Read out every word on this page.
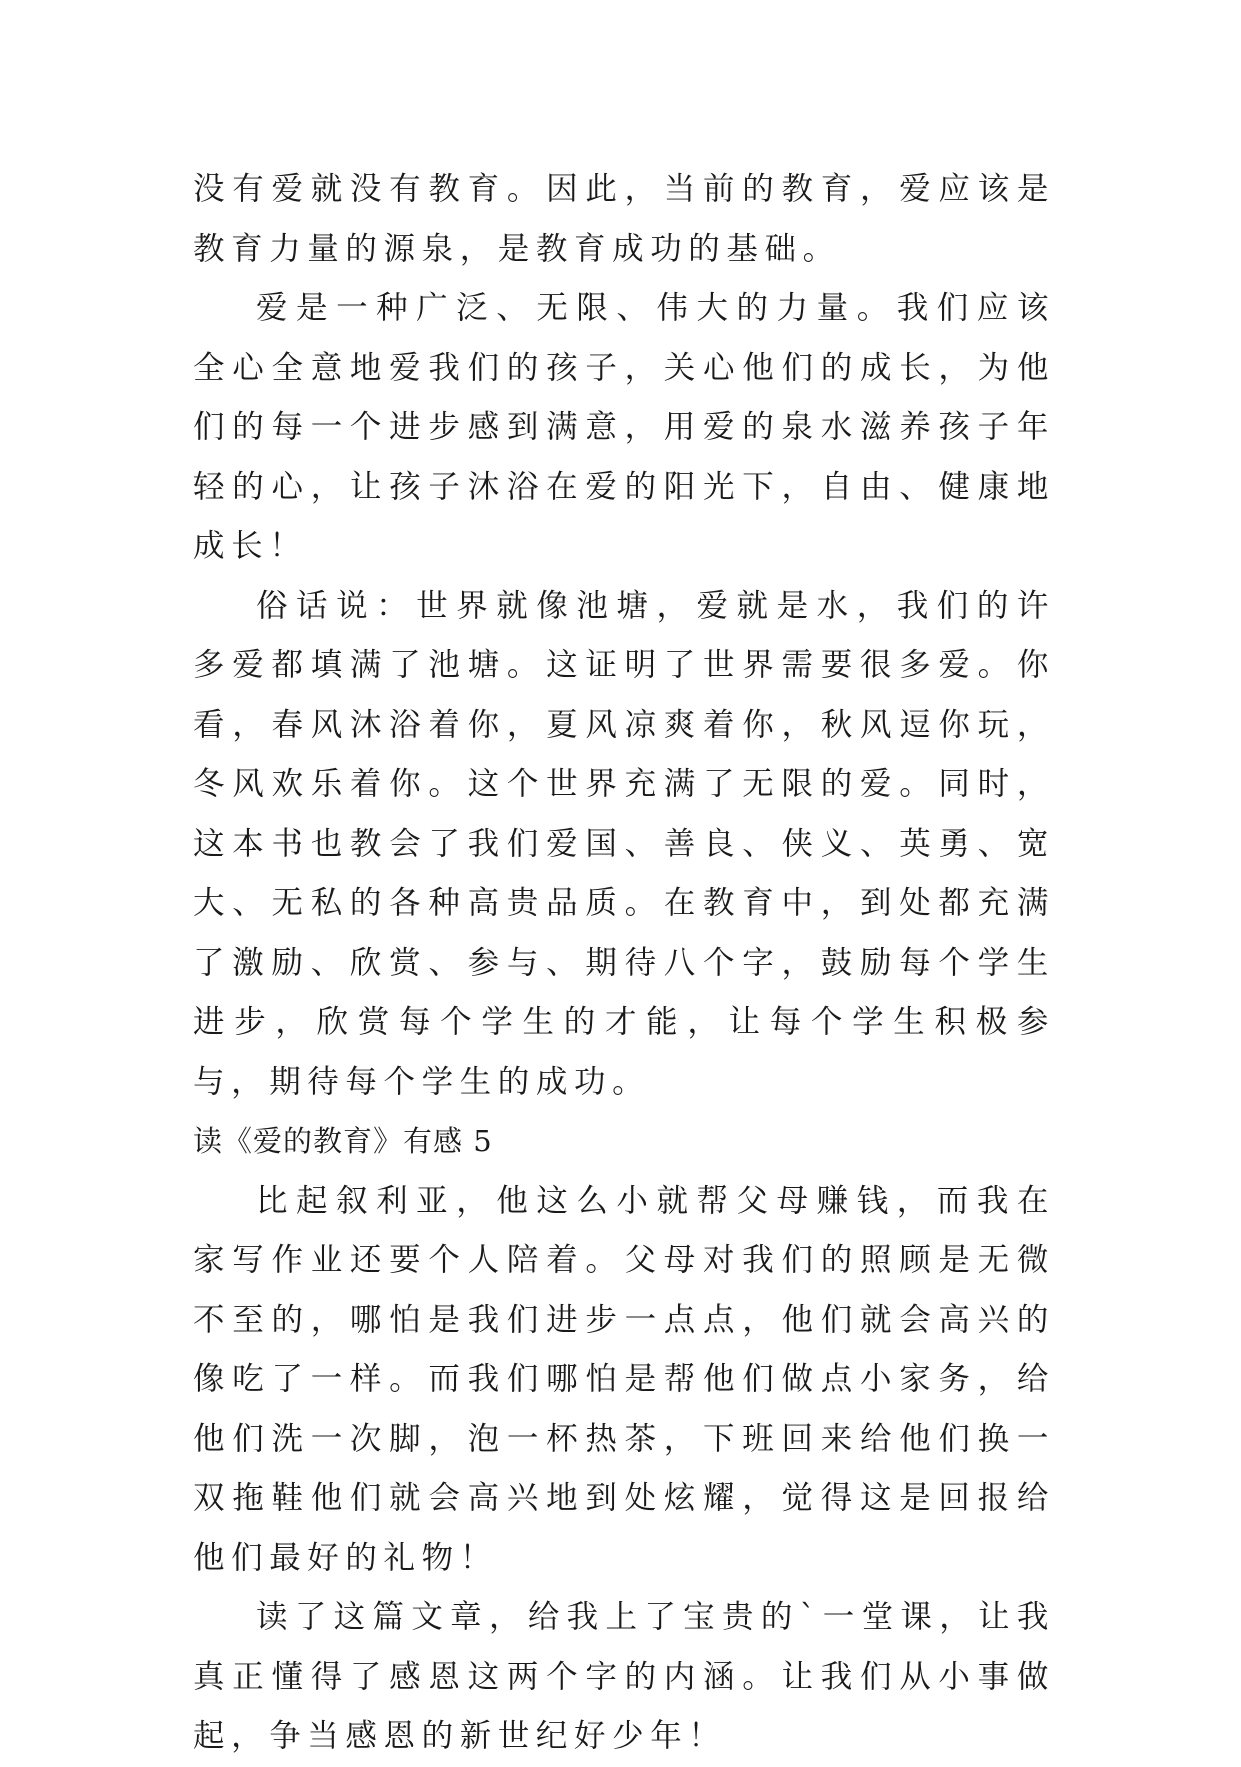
没有爱就没有教育。因此，当前的教育，爱应该是教育力量的源泉，是教育成功的基础。

爱是一种广泛、无限、伟大的力量。我们应该全心全意地爱我们的孩子，关心他们的成长，为他们的每一个进步感到满意，用爱的泉水滋养孩子年轻的心，让孩子沐浴在爱的阳光下，自由、健康地成长！

俗话说：世界就像池塘，爱就是水，我们的许多爱都填满了池塘。这证明了世界需要很多爱。你看，春风沐浴着你，夏风凉爽着你，秋风逗你玩，冬风欢乐着你。这个世界充满了无限的爱。同时，这本书也教会了我们爱国、善良、侠义、英勇、宽大、无私的各种高贵品质。在教育中，到处都充满了激励、欣赏、参与、期待八个字，鼓励每个学生进步，欣赏每个学生的才能，让每个学生积极参与，期待每个学生的成功。

读《爱的教育》有感 5

比起叙利亚，他这么小就帮父母赚钱，而我在家写作业还要个人陪着。父母对我们的照顾是无微不至的，哪怕是我们进步一点点，他们就会高兴的像吃了一样。而我们哪怕是帮他们做点小家务，给他们洗一次脚，泡一杯热茶，下班回来给他们换一双拖鞋他们就会高兴地到处炫耀，觉得这是回报给他们最好的礼物！

读了这篇文章，给我上了宝贵的`一堂课，让我真正懂得了感恩这两个字的内涵。让我们从小事做起，争当感恩的新世纪好少年！
